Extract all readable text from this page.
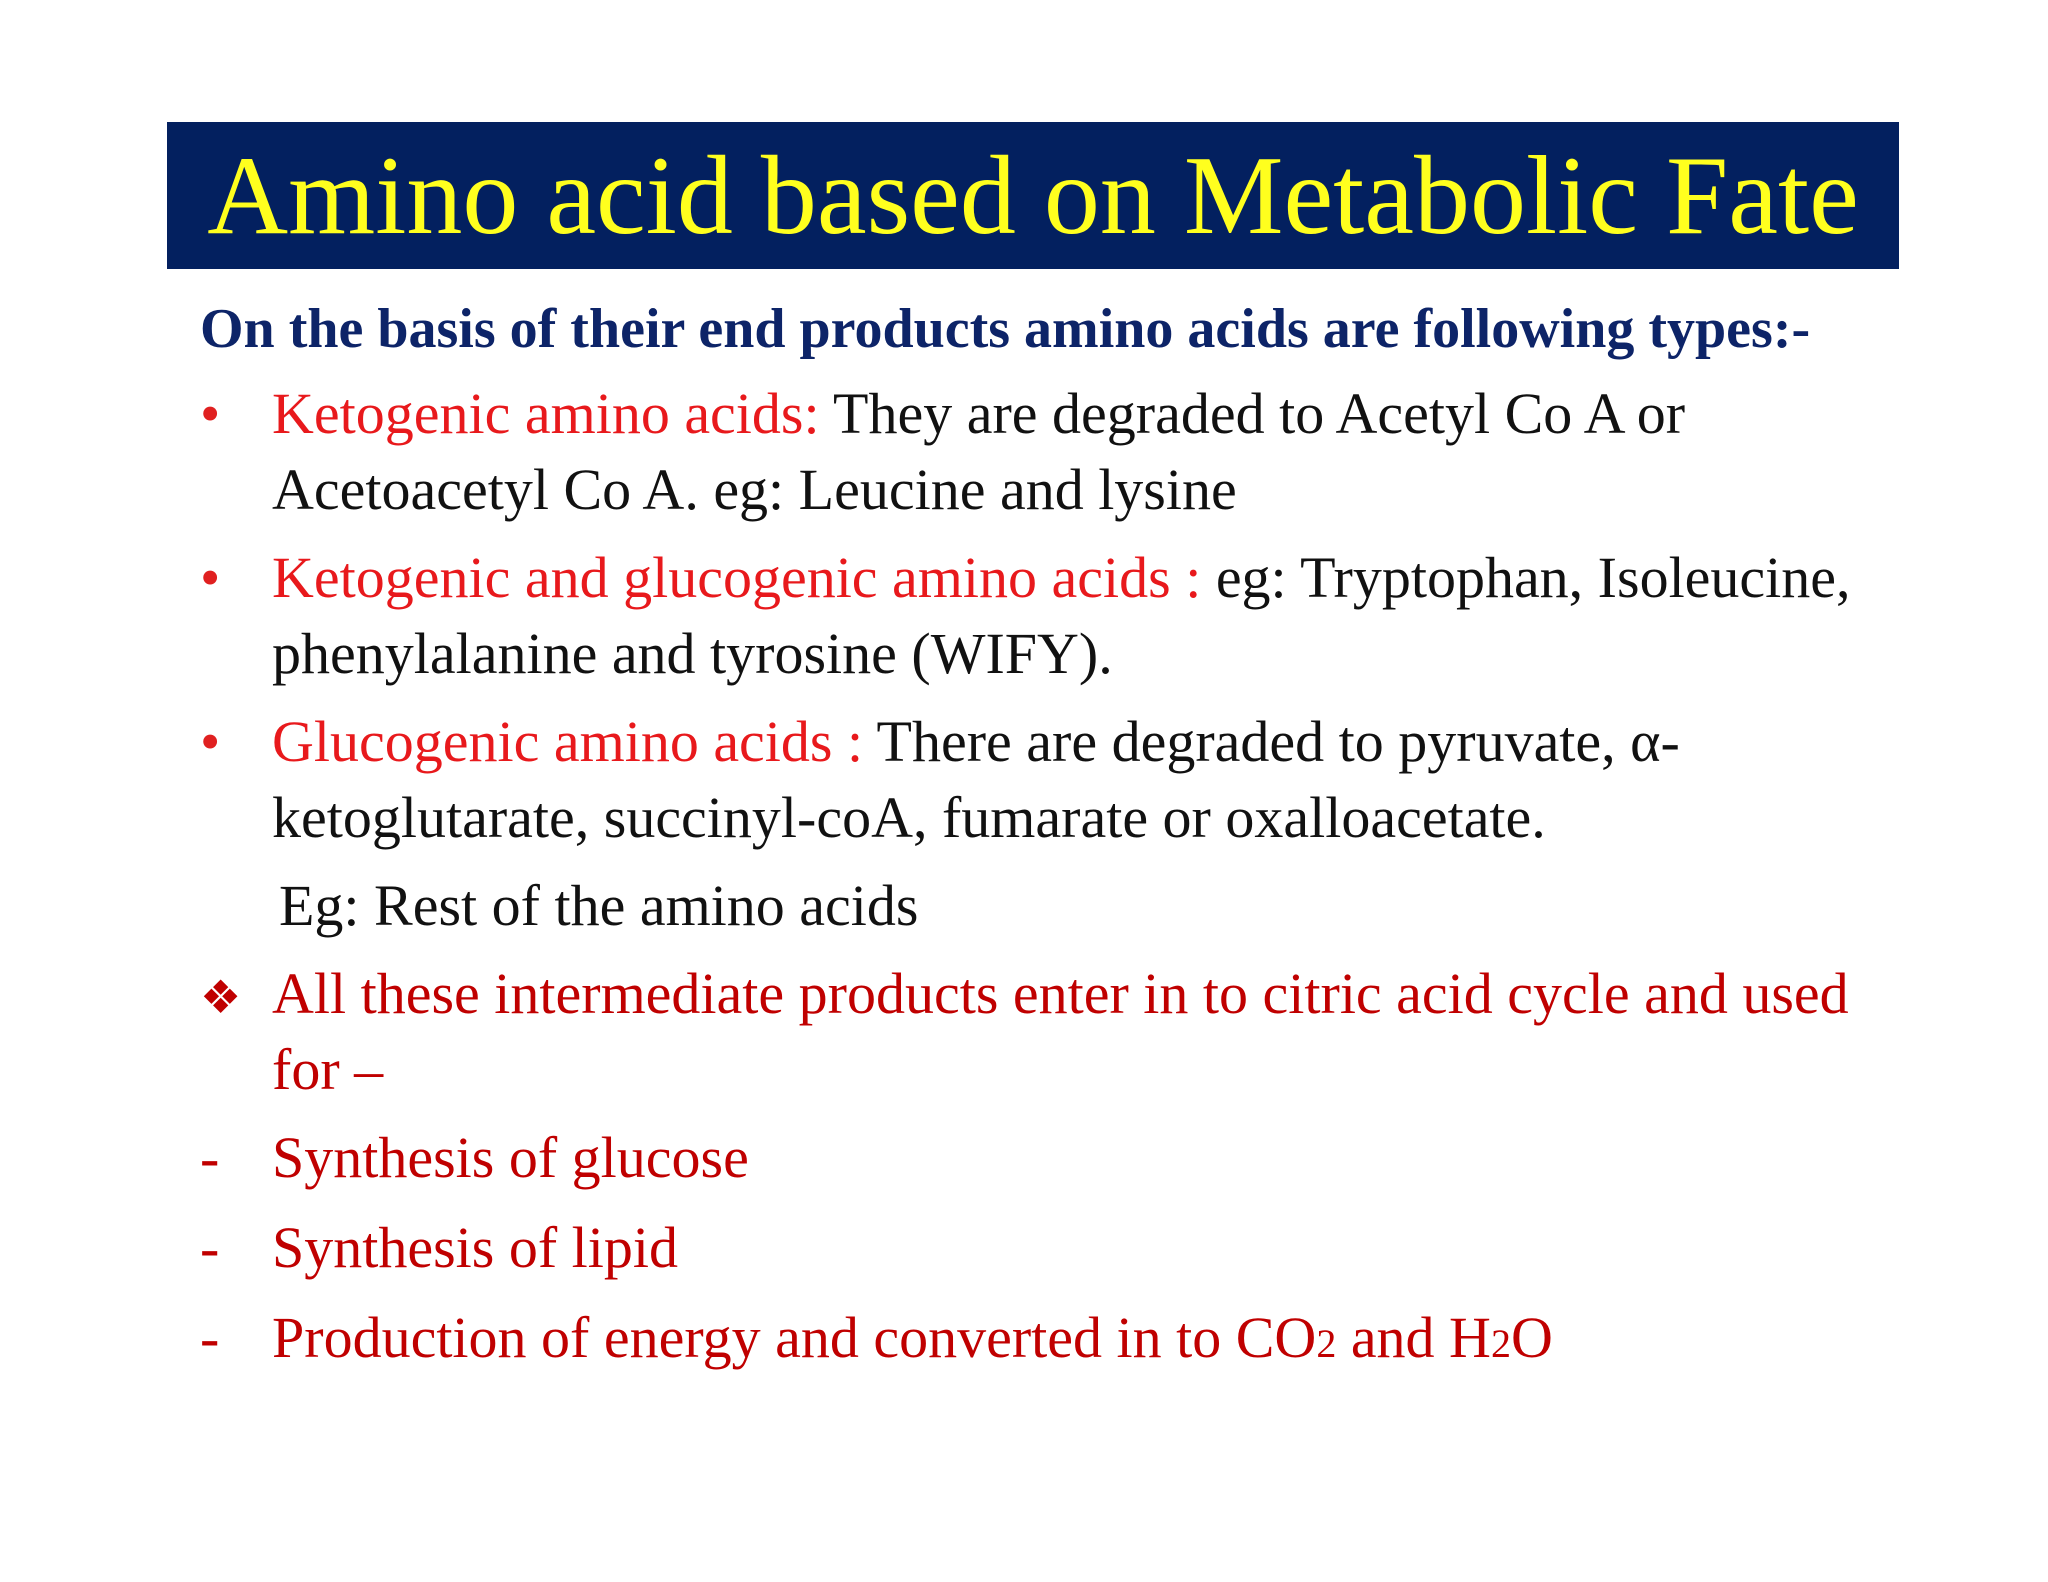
Amino acid based on Metabolic Fate

On the basis of their end products amino acids are following types:-

• Ketogenic amino acids: They are degraded to Acetyl Co A or Acetoacetyl Co A. eg: Leucine and lysine
• Ketogenic and glucogenic amino acids : eg: Tryptophan, Isoleucine, phenylalanine and tyrosine (WIFY).
• Glucogenic amino acids : There are degraded to pyruvate, α-ketoglutarate, succinyl-coA, fumarate or oxalloacetate.
Eg: Rest of the amino acids
❖ All these intermediate products enter in to citric acid cycle and used for –
- Synthesis of glucose
- Synthesis of lipid
- Production of energy and converted in to CO2 and H2O
